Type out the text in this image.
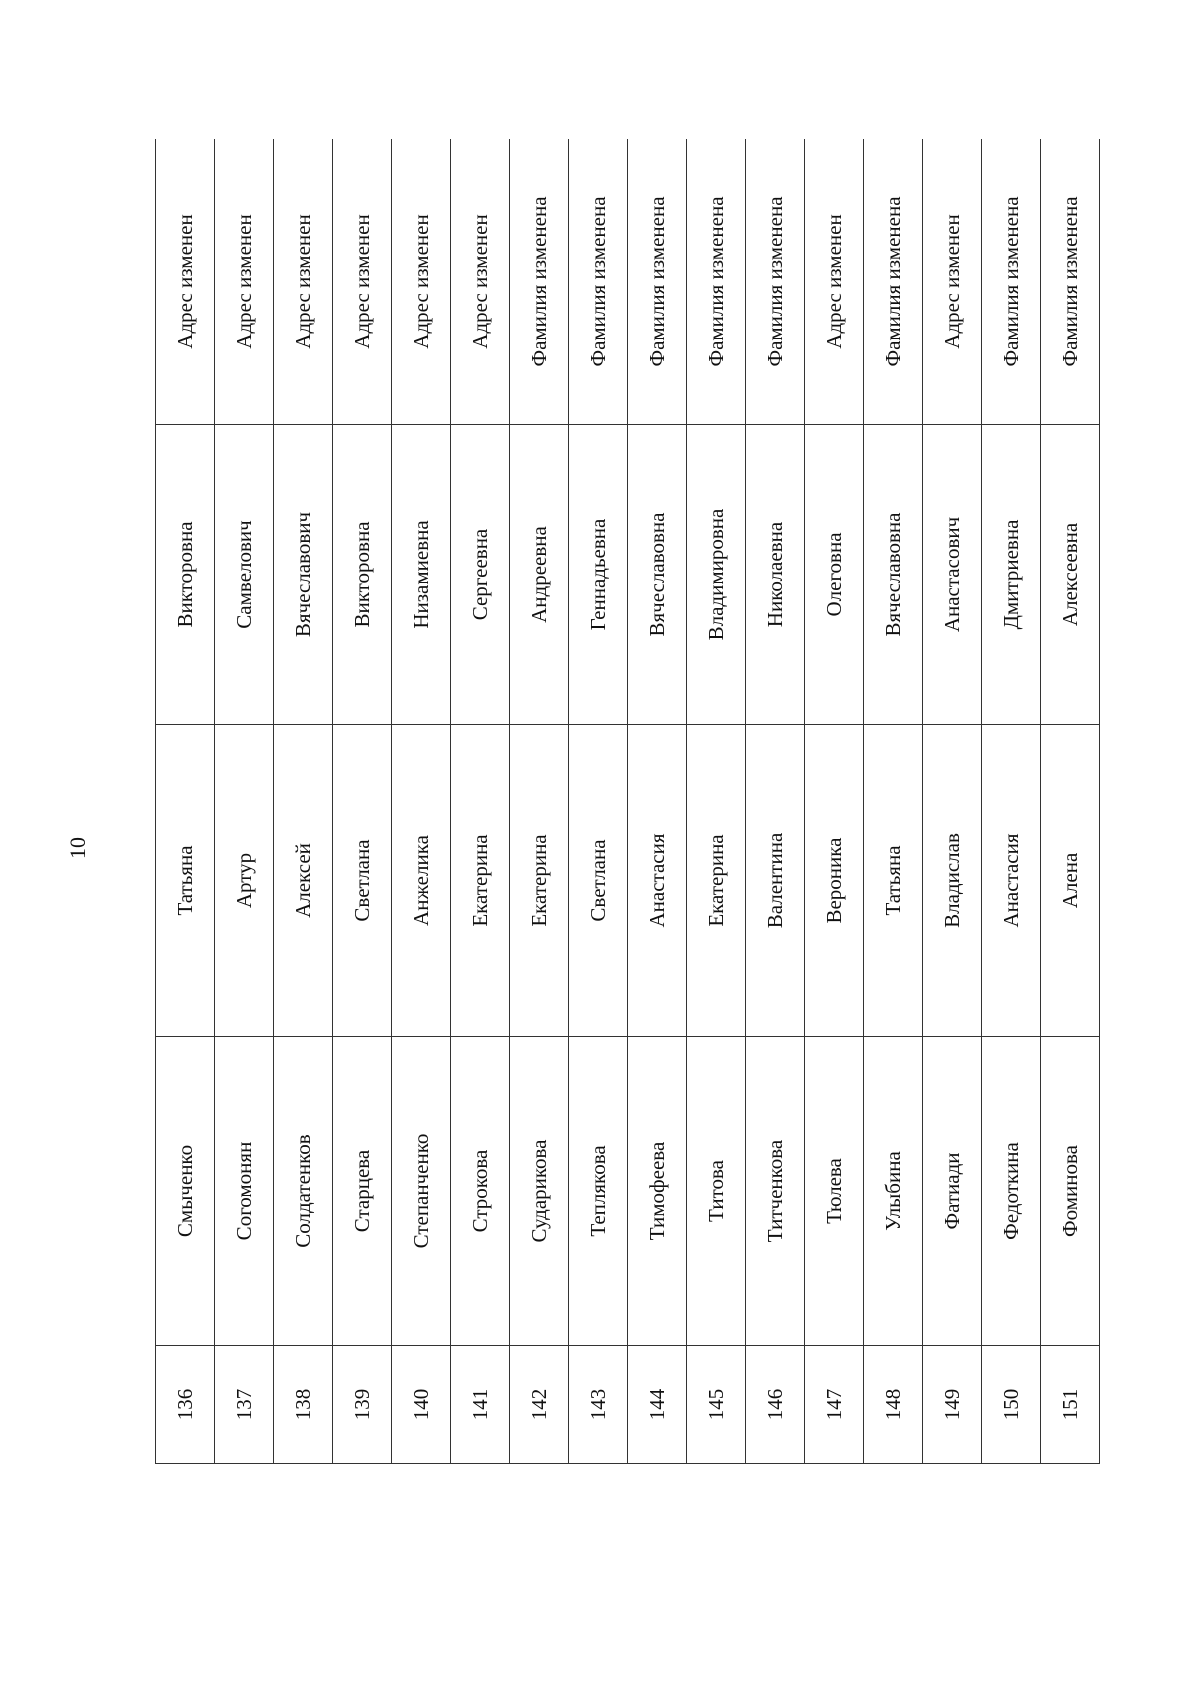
10
136	Смыченко	Татьяна	Викторовна	Адрес изменен
137	Согомонян	Артур	Самвелович	Адрес изменен
138	Солдатенков	Алексей	Вячеславович	Адрес изменен
139	Старцева	Светлана	Викторовна	Адрес изменен
140	Степанченко	Анжелика	Низамиевна	Адрес изменен
141	Строкова	Екатерина	Сергеевна	Адрес изменен
142	Сударикова	Екатерина	Андреевна	Фамилия изменена
143	Теплякова	Светлана	Геннадьевна	Фамилия изменена
144	Тимофеева	Анастасия	Вячеславовна	Фамилия изменена
145	Титова	Екатерина	Владимировна	Фамилия изменена
146	Титченкова	Валентина	Николаевна	Фамилия изменена
147	Тюлева	Вероника	Олеговна	Адрес изменен
148	Улыбина	Татьяна	Вячеславовна	Фамилия изменена
149	Фатиади	Владислав	Анастасович	Адрес изменен
150	Федоткина	Анастасия	Дмитриевна	Фамилия изменена
151	Фоминова	Алена	Алексеевна	Фамилия изменена
